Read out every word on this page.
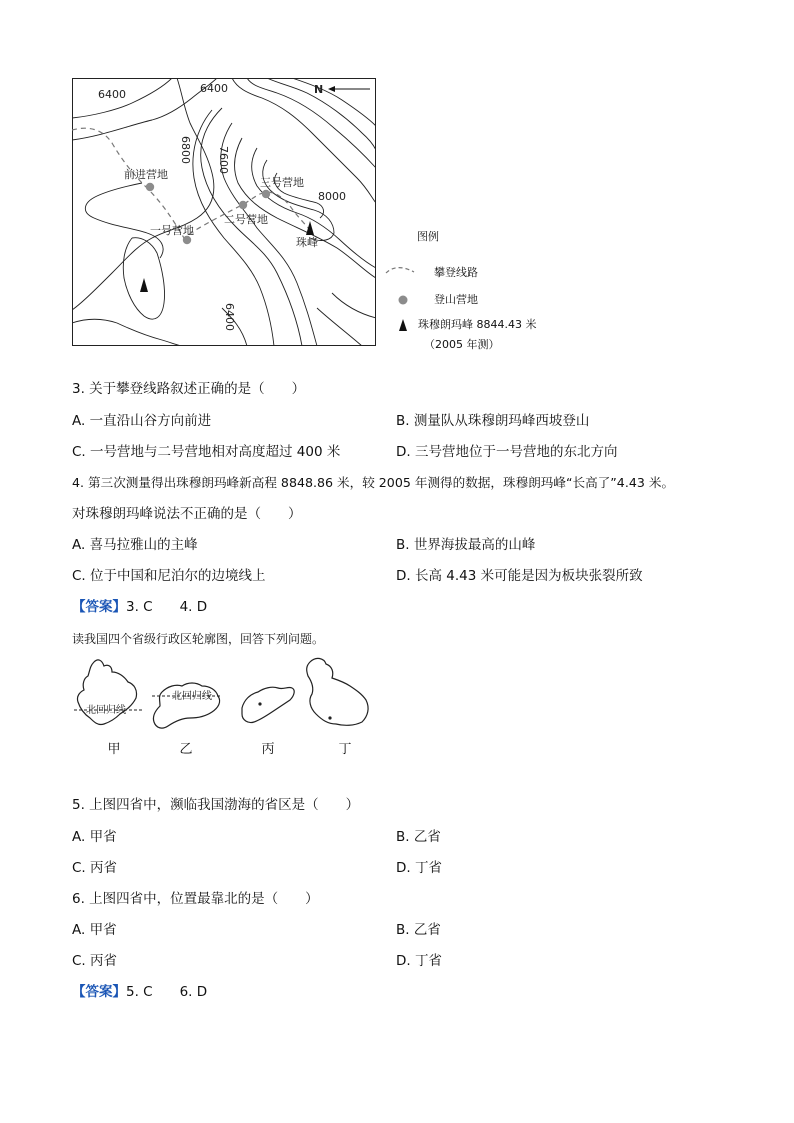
N
6400	6400
6800 7600
8000
6400
前进营地
一号营地
二号营地
三号营地
珠峰	图例
攀登线路
登山营地
珠穆朗玛峰 8844.43 米
（2005 年测）
3. 关于攀登线路叙述正确的是（　　）
A. 一直沿山谷方向前进	B. 测量队从珠穆朗玛峰西坡登山
C. 一号营地与二号营地相对高度超过 400 米	D. 三号营地位于一号营地的东北方向
4. 第三次测量得出珠穆朗玛峰新高程 8848.86 米，较 2005 年测得的数据，珠穆朗玛峰“长高了”4.43 米。
对珠穆朗玛峰说法不正确的是（　　）
A. 喜马拉雅山的主峰	B. 世界海拔最高的山峰
C. 位于中国和尼泊尔的边境线上	D. 长高 4.43 米可能是因为板块张裂所致
【答案】3. C　　4. D
读我国四个省级行政区轮廓图，回答下列问题。
北回归线
北回归线
甲	乙	丙	丁
5. 上图四省中，濒临我国渤海的省区是（　　）
A. 甲省	B. 乙省
C. 丙省	D. 丁省
6. 上图四省中，位置最靠北的是（　　）
A. 甲省	B. 乙省
C. 丙省	D. 丁省
【答案】5. C　　6. D
